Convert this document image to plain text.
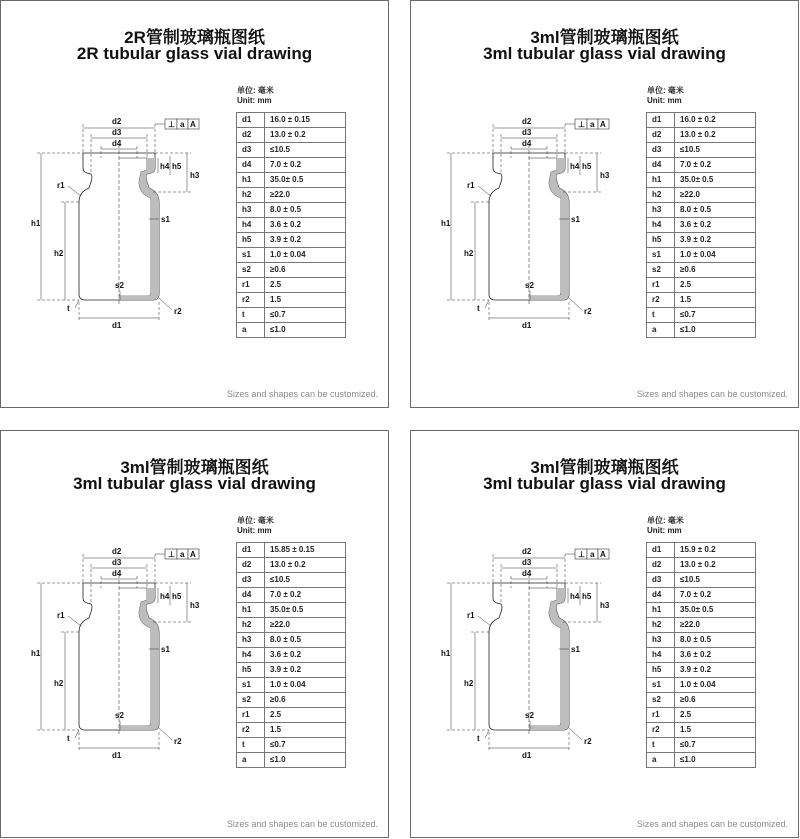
2R管制玻璃瓶图纸
2R tubular glass vial drawing
单位: 毫米
Unit: mm
⊥ a A
d2
d3
d4
d1
h1
h2
h3
h4 h5
s1
s2
r1
r2
t
d1	16.0 ± 0.15
d2	13.0 ± 0.2
d3	≤10.5
d4	7.0 ± 0.2
h1	35.0± 0.5
h2	≥22.0
h3	8.0 ± 0.5
h4	3.6 ± 0.2
h5	3.9 ± 0.2
s1	1.0 ± 0.04
s2	≥0.6
r1	2.5
r2	1.5
t	≤0.7
a	≤1.0
Sizes and shapes can be customized.
3ml管制玻璃瓶图纸
3ml tubular glass vial drawing
单位: 毫米
Unit: mm
⊥ a A
d2
d3
d4
d1
h1
h2
h3
h4 h5
s1
s2
r1
r2
t
d1	16.0 ± 0.2
d2	13.0 ± 0.2
d3	≤10.5
d4	7.0 ± 0.2
h1	35.0± 0.5
h2	≥22.0
h3	8.0 ± 0.5
h4	3.6 ± 0.2
h5	3.9 ± 0.2
s1	1.0 ± 0.04
s2	≥0.6
r1	2.5
r2	1.5
t	≤0.7
a	≤1.0
Sizes and shapes can be customized.
3ml管制玻璃瓶图纸
3ml tubular glass vial drawing
单位: 毫米
Unit: mm
⊥ a A
d2
d3
d4
d1
h1
h2
h3
h4 h5
s1
s2
r1
r2
t
d1	15.85 ± 0.15
d2	13.0 ± 0.2
d3	≤10.5
d4	7.0 ± 0.2
h1	35.0± 0.5
h2	≥22.0
h3	8.0 ± 0.5
h4	3.6 ± 0.2
h5	3.9 ± 0.2
s1	1.0 ± 0.04
s2	≥0.6
r1	2.5
r2	1.5
t	≤0.7
a	≤1.0
Sizes and shapes can be customized.
3ml管制玻璃瓶图纸
3ml tubular glass vial drawing
单位: 毫米
Unit: mm
⊥ a A
d2
d3
d4
d1
h1
h2
h3
h4 h5
s1
s2
r1
r2
t
d1	15.9 ± 0.2
d2	13.0 ± 0.2
d3	≤10.5
d4	7.0 ± 0.2
h1	35.0± 0.5
h2	≥22.0
h3	8.0 ± 0.5
h4	3.6 ± 0.2
h5	3.9 ± 0.2
s1	1.0 ± 0.04
s2	≥0.6
r1	2.5
r2	1.5
t	≤0.7
a	≤1.0
Sizes and shapes can be customized.
